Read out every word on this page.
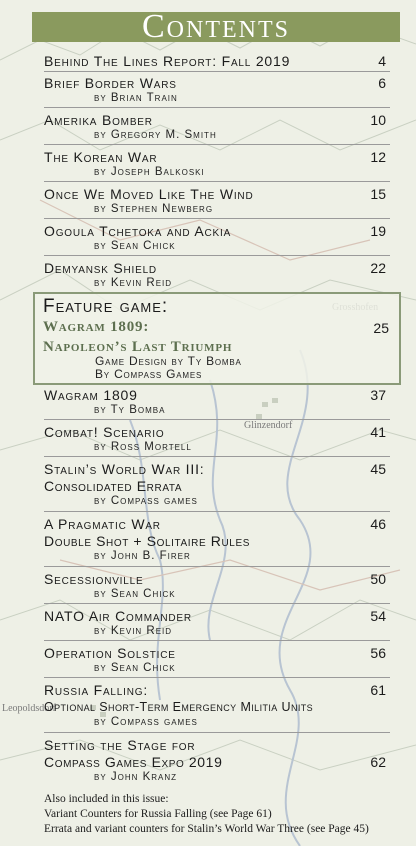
Contents
Glinzendorf
Leopoldsdorf
Behind The Lines Report: Fall 2019	4
Brief Border Wars
by Brian Train
6
Amerika Bomber
by Gregory M. Smith
10
The Korean War
by Joseph Balkoski
12
Once We Moved Like The Wind
by Stephen Newberg
15
Ogoula Tchetoka and Ackia
by Sean Chick
19
Demyansk Shield
by Kevin Reid
22
Feature game:
Wagram 1809:	25
Napoleon’s Last Triumph
Game Design by Ty Bomba
By Compass Games
Wagram 1809
by Ty Bomba
37
Combat! Scenario
by Ross Mortell
41
Stalin’s World War III:
Consolidated Errata
by Compass games
45
A Pragmatic War
Double Shot + Solitaire Rules
by John B. Firer
46
Secessionville
by Sean Chick
50
NATO Air Commander
by Kevin Reid
54
Operation Solstice
by Sean Chick
56
Russia Falling:
Optional Short-Term Emergency Militia Units
by Compass games
61
Setting the Stage for
Compass Games Expo 2019
by John Kranz
62
Also included in this issue:
Variant Counters for Russia Falling (see Page 61)
Errata and variant counters for Stalin’s World War Three (see Page 45)
